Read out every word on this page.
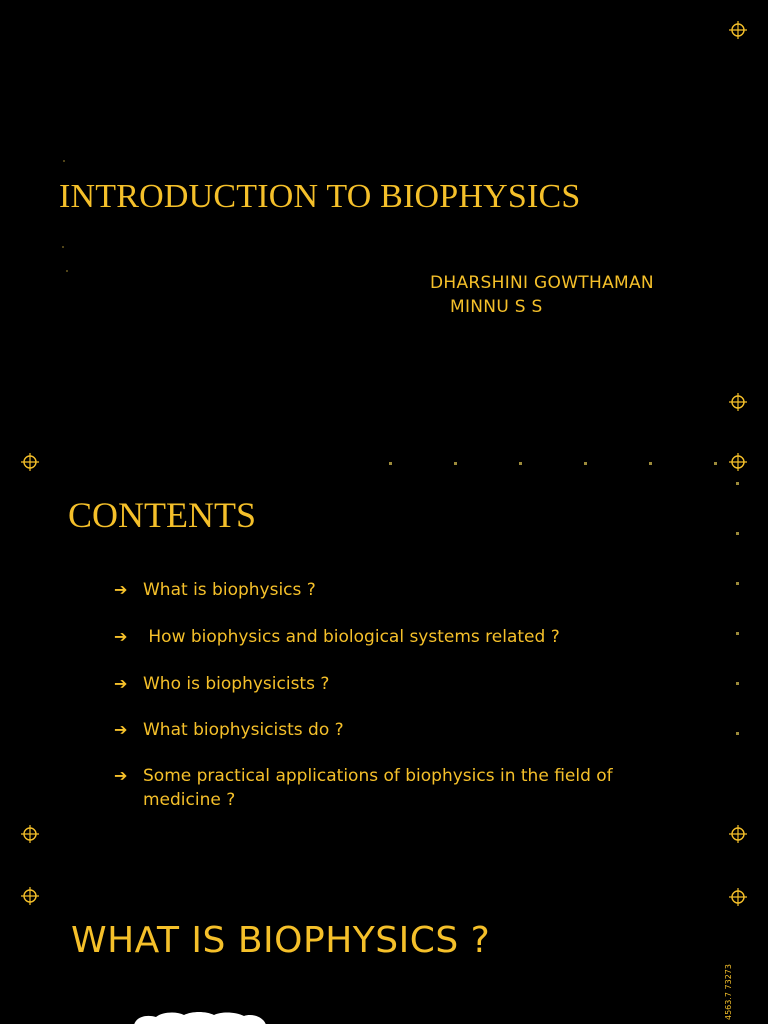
INTRODUCTION TO BIOPHYSICS
DHARSHINI GOWTHAMAN
MINNU S S
CONTENTS
➔ What is biophysics ?
➔ How biophysics and biological systems related ?
➔ Who is biophysicists ?
➔ What biophysicists do ?
➔ Some practical applications of biophysics in the field of medicine ?
WHAT IS BIOPHYSICS ?
4563.7 73273
